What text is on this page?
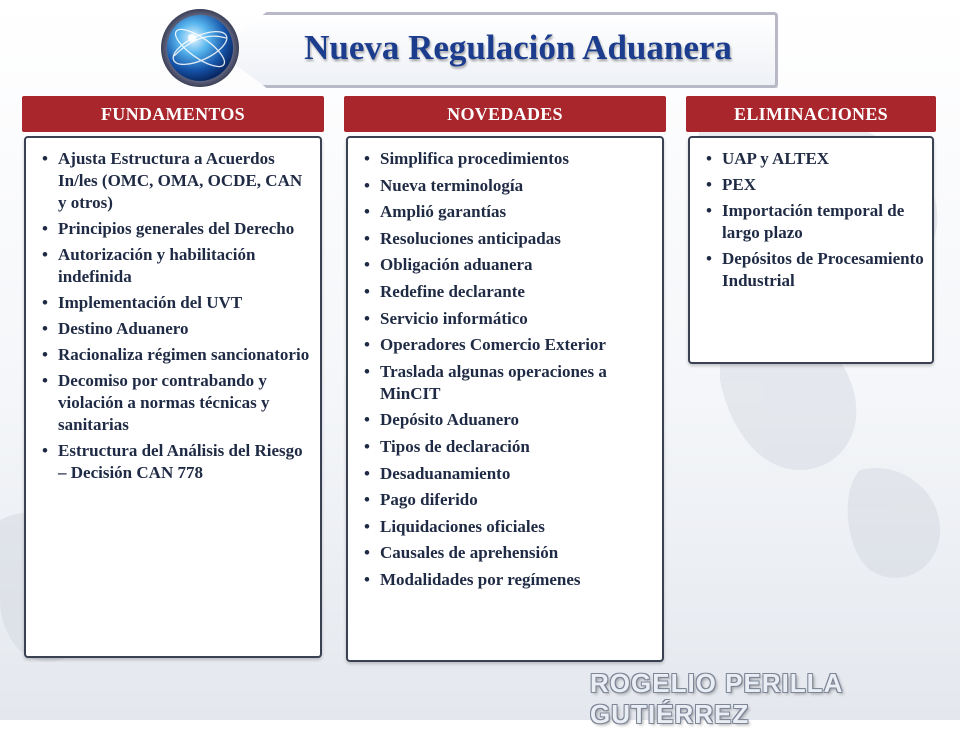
Nueva Regulación Aduanera
FUNDAMENTOS
• Ajusta Estructura a Acuerdos In/les (OMC, OMA, OCDE, CAN y otros)
• Principios generales del Derecho
• Autorización y habilitación indefinida
• Implementación del UVT
• Destino Aduanero
• Racionaliza régimen sancionatorio
• Decomiso por contrabando y violación a normas técnicas y sanitarias
• Estructura del Análisis del Riesgo – Decisión CAN 778
NOVEDADES
• Simplifica procedimientos
• Nueva terminología
• Amplió garantías
• Resoluciones anticipadas
• Obligación aduanera
• Redefine declarante
• Servicio informático
• Operadores Comercio Exterior
• Traslada algunas operaciones a MinCIT
• Depósito Aduanero
• Tipos de declaración
• Desaduanamiento
• Pago diferido
• Liquidaciones oficiales
• Causales de aprehensión
• Modalidades por regímenes
ELIMINACIONES
• UAP y ALTEX
• PEX
• Importación temporal de largo plazo
• Depósitos de Procesamiento Industrial
ROGELIO PERILLA GUTIÉRREZ
